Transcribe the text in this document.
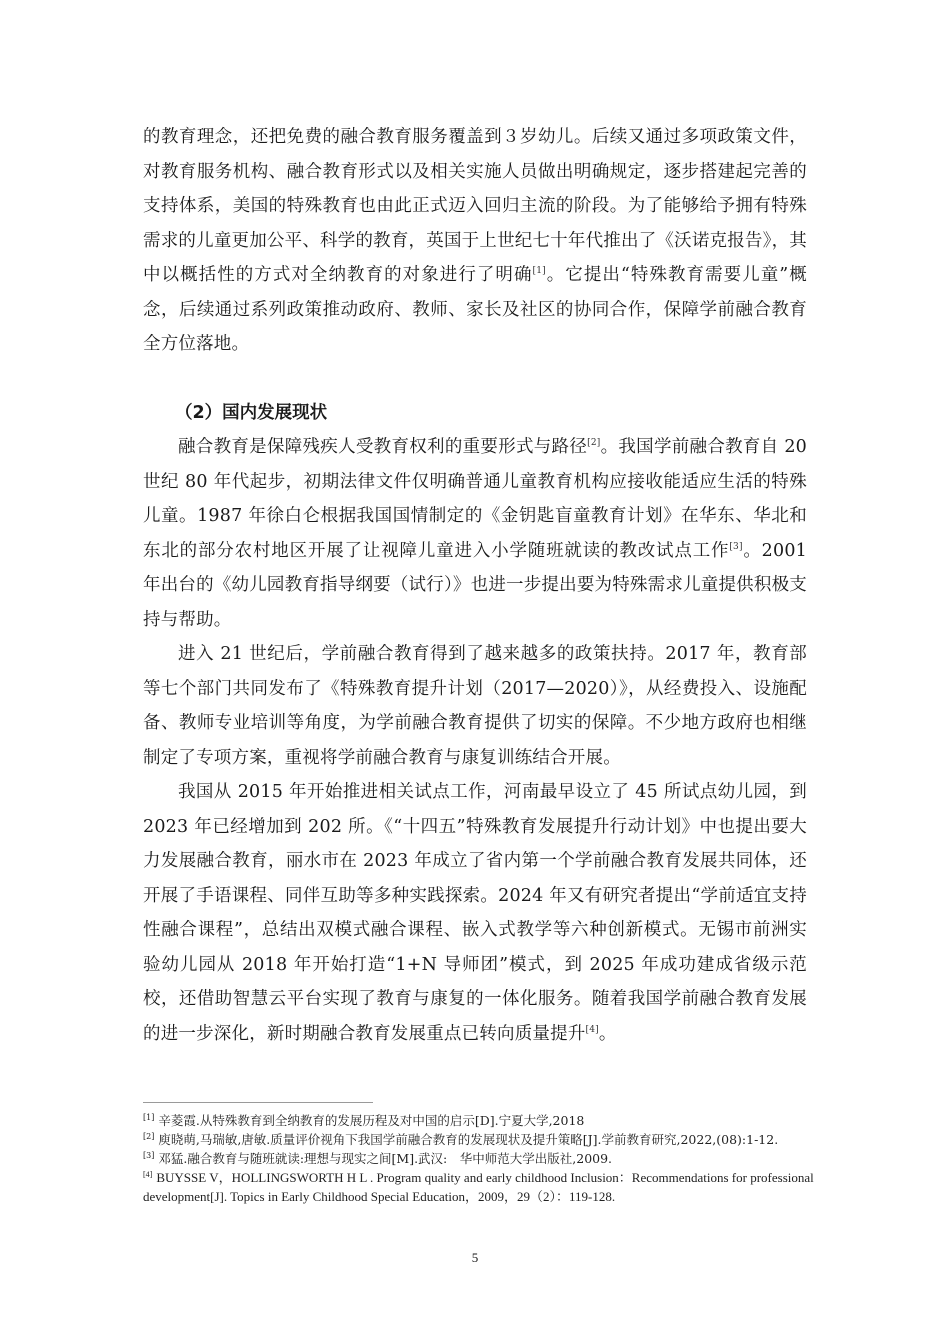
的教育理念，还把免费的融合教育服务覆盖到３岁幼儿。后续又通过多项政策文件，对教育服务机构、融合教育形式以及相关实施人员做出明确规定，逐步搭建起完善的支持体系，美国的特殊教育也由此正式迈入回归主流的阶段。为了能够给予拥有特殊需求的儿童更加公平、科学的教育，英国于上世纪七十年代推出了《沃诺克报告》，其中以概括性的方式对全纳教育的对象进行了明确[1]。它提出“特殊教育需要儿童”概念，后续通过系列政策推动政府、教师、家长及社区的协同合作，保障学前融合教育全方位落地。

（2）国内发展现状

融合教育是保障残疾人受教育权利的重要形式与路径[2]。我国学前融合教育自 20 世纪 80 年代起步，初期法律文件仅明确普通儿童教育机构应接收能适应生活的特殊儿童。1987 年徐白仑根据我国国情制定的《金钥匙盲童教育计划》在华东、华北和东北的部分农村地区开展了让视障儿童进入小学随班就读的教改试点工作[3]。2001 年出台的《幼儿园教育指导纲要（试行）》也进一步提出要为特殊需求儿童提供积极支持与帮助。

进入 21 世纪后，学前融合教育得到了越来越多的政策扶持。2017 年，教育部等七个部门共同发布了《特殊教育提升计划（2017—2020）》，从经费投入、设施配备、教师专业培训等角度，为学前融合教育提供了切实的保障。不少地方政府也相继制定了专项方案，重视将学前融合教育与康复训练结合开展。

我国从 2015 年开始推进相关试点工作，河南最早设立了 45 所试点幼儿园，到 2023 年已经增加到 202 所。《“十四五”特殊教育发展提升行动计划》中也提出要大力发展融合教育，丽水市在 2023 年成立了省内第一个学前融合教育发展共同体，还开展了手语课程、同伴互助等多种实践探索。2024 年又有研究者提出“学前适宜支持性融合课程”，总结出双模式融合课程、嵌入式教学等六种创新模式。无锡市前洲实验幼儿园从 2018 年开始打造“1+N 导师团”模式，到 2025 年成功建成省级示范校，还借助智慧云平台实现了教育与康复的一体化服务。随着我国学前融合教育发展的进一步深化，新时期融合教育发展重点已转向质量提升[4]。

[1] 辛菱霞.从特殊教育到全纳教育的发展历程及对中国的启示[D].宁夏大学,2018

[2] 庾晓萌,马瑞敏,唐敏.质量评价视角下我国学前融合教育的发展现状及提升策略[J].学前教育研究,2022,(08):1-12.

[3] 邓猛.融合教育与随班就读:理想与现实之间[M].武汉:　华中师范大学出版社,2009.

[4] BUYSSE V，HOLLINGSWORTH H L . Program quality and early childhood Inclusion：Recommendations for professional development[J]. Topics in Early Childhood Special Education，2009，29（2）：119-128.

5
